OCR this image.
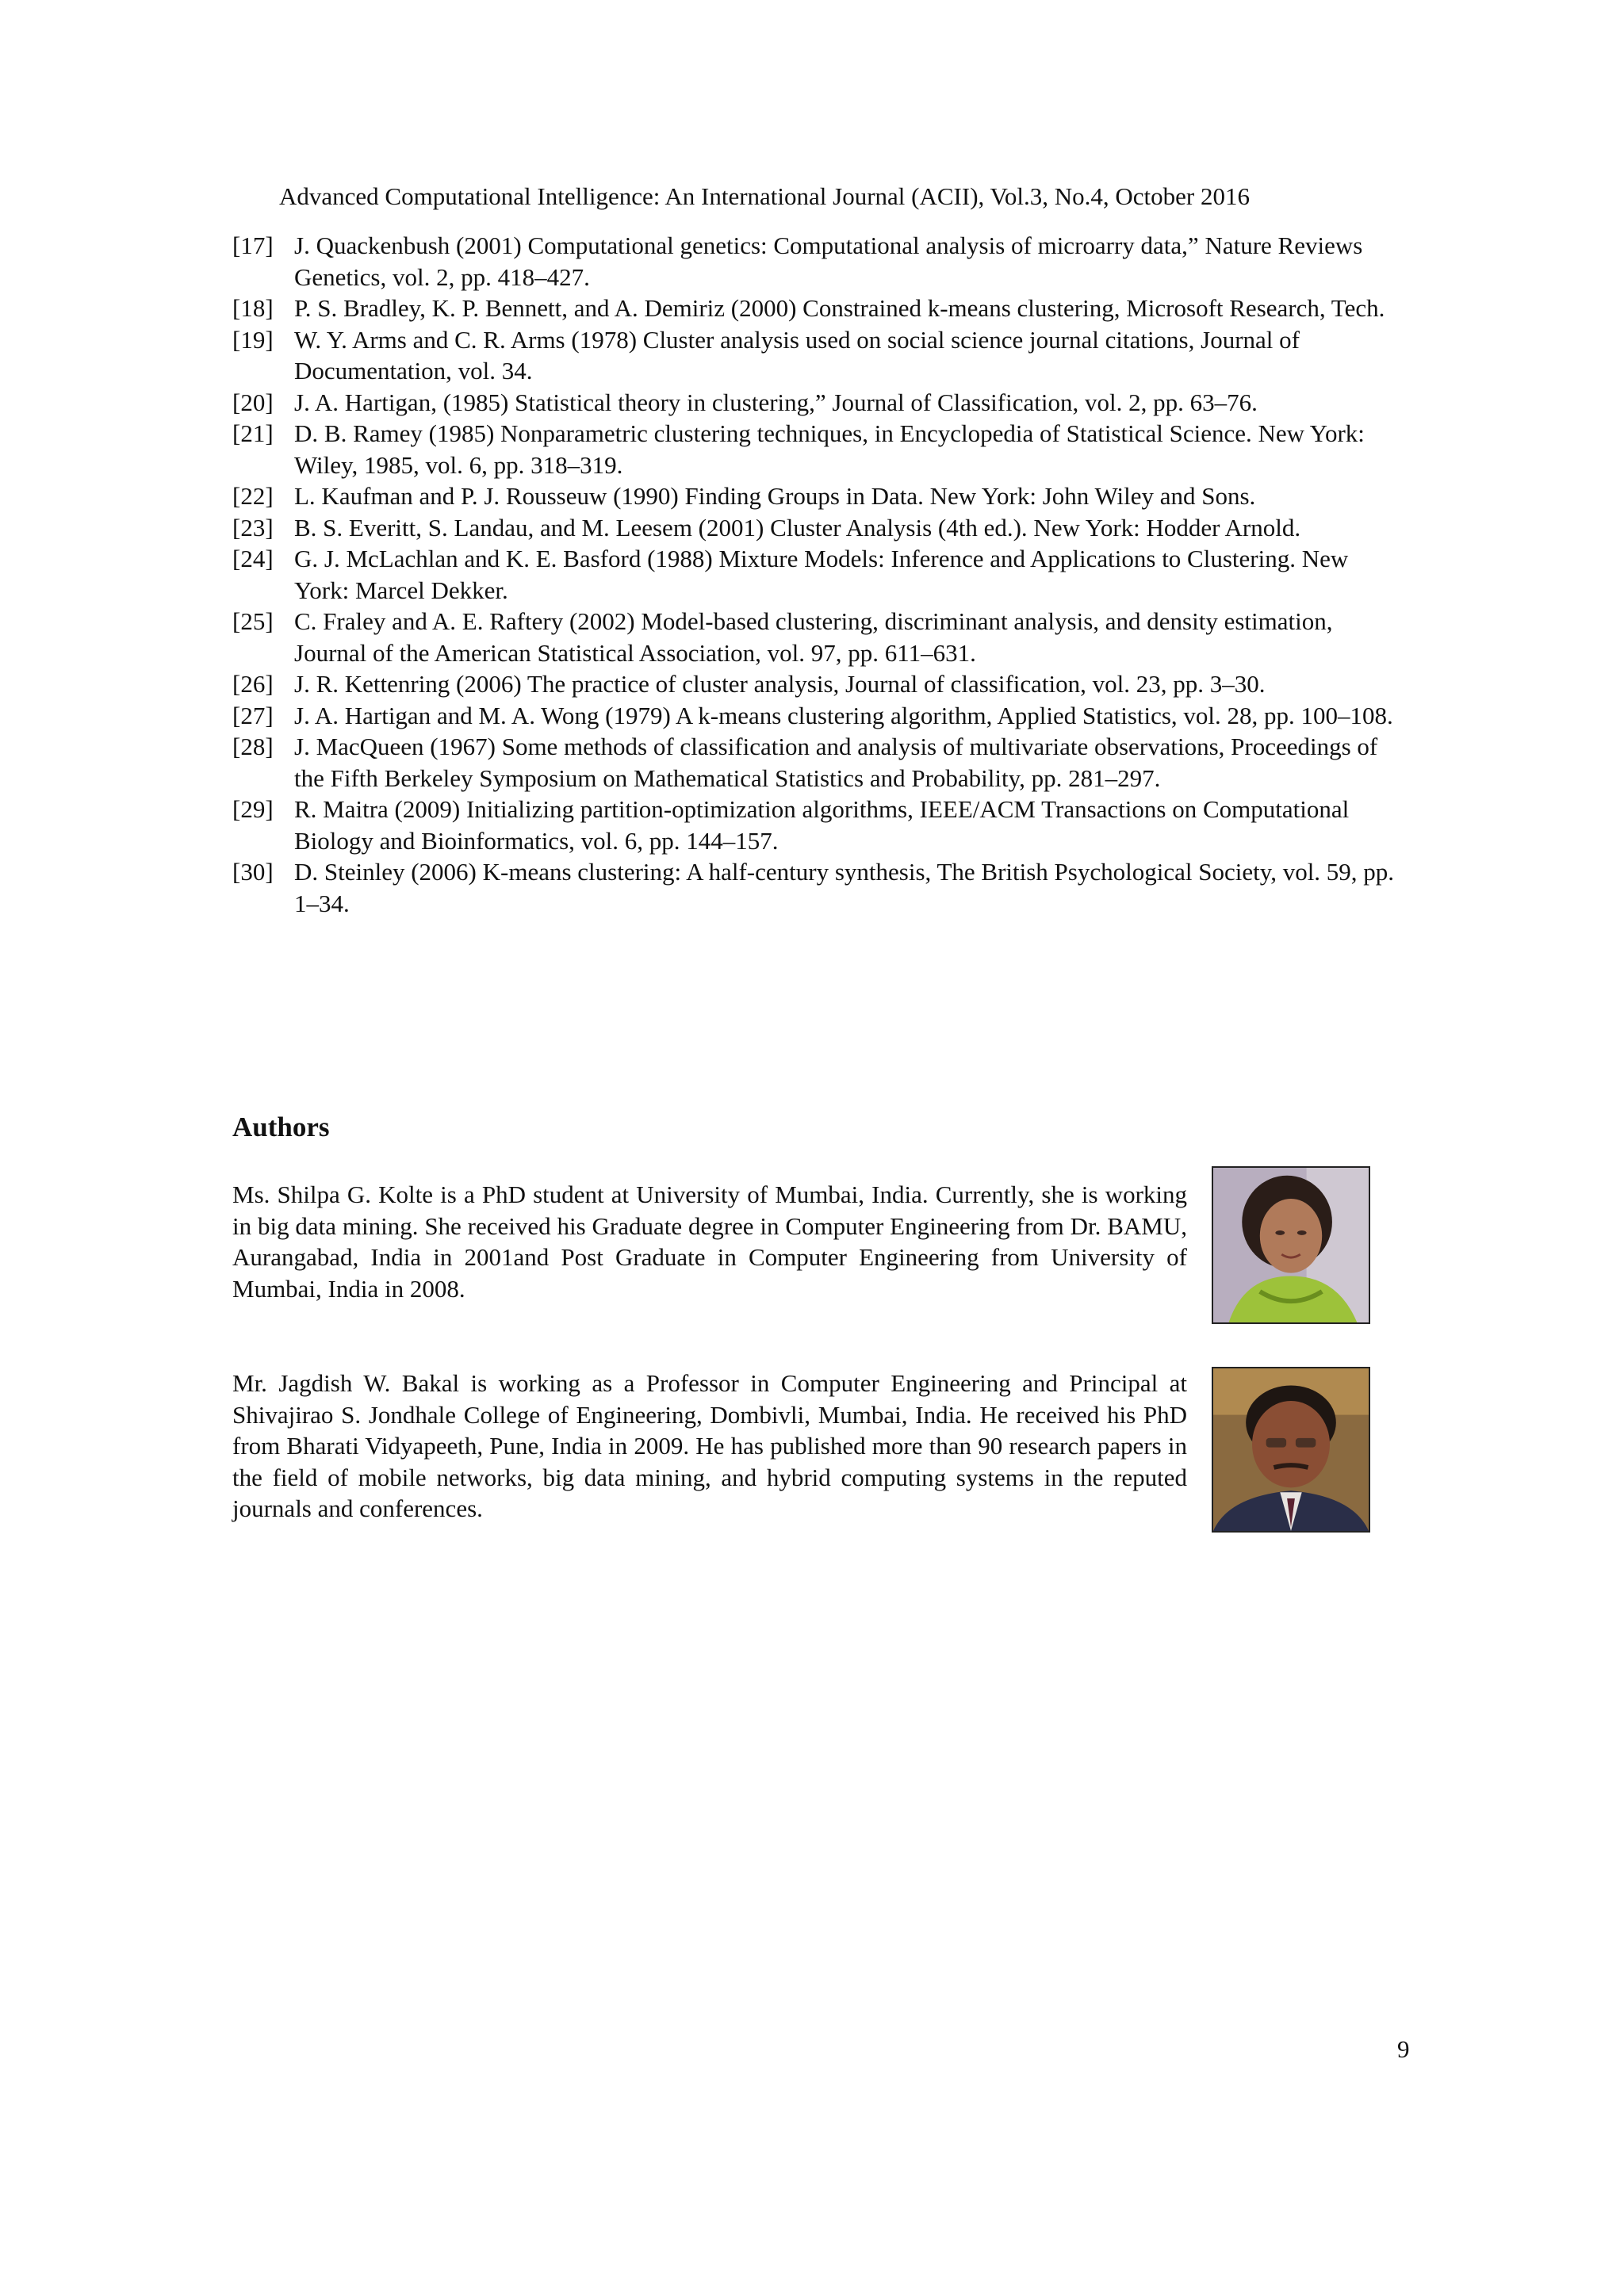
Advanced Computational Intelligence: An International Journal (ACII), Vol.3, No.4, October 2016
[17] J. Quackenbush (2001) Computational genetics: Computational analysis of microarry data,” Nature Reviews Genetics, vol. 2, pp. 418–427.
[18] P. S. Bradley, K. P. Bennett, and A. Demiriz (2000) Constrained k-means clustering, Microsoft Research, Tech.
[19] W. Y. Arms and C. R. Arms (1978) Cluster analysis used on social science journal citations, Journal of Documentation, vol. 34.
[20] J. A. Hartigan, (1985) Statistical theory in clustering,” Journal of Classification, vol. 2, pp. 63–76.
[21] D. B. Ramey (1985) Nonparametric clustering techniques, in Encyclopedia of Statistical Science. New York: Wiley, 1985, vol. 6, pp. 318–319.
[22] L. Kaufman and P. J. Rousseuw (1990) Finding Groups in Data. New York: John Wiley and Sons.
[23] B. S. Everitt, S. Landau, and M. Leesem (2001) Cluster Analysis (4th ed.). New York: Hodder Arnold.
[24] G. J. McLachlan and K. E. Basford (1988) Mixture Models: Inference and Applications to Clustering. New York: Marcel Dekker.
[25] C. Fraley and A. E. Raftery (2002) Model-based clustering, discriminant analysis, and density estimation, Journal of the American Statistical Association, vol. 97, pp. 611–631.
[26] J. R. Kettenring (2006) The practice of cluster analysis, Journal of classification, vol. 23, pp. 3–30.
[27] J. A. Hartigan and M. A. Wong (1979) A k-means clustering algorithm, Applied Statistics, vol. 28, pp. 100–108.
[28] J. MacQueen (1967) Some methods of classification and analysis of multivariate observations, Proceedings of the Fifth Berkeley Symposium on Mathematical Statistics and Probability, pp. 281–297.
[29] R. Maitra (2009) Initializing partition-optimization algorithms, IEEE/ACM Transactions on Computational Biology and Bioinformatics, vol. 6, pp. 144–157.
[30] D. Steinley (2006) K-means clustering: A half-century synthesis, The British Psychological Society, vol. 59, pp. 1–34.
Authors

Ms. Shilpa G. Kolte is a PhD student at University of Mumbai, India. Currently, she is working in big data mining. She received his Graduate degree in Computer Engineering from Dr. BAMU, Aurangabad, India in 2001and Post Graduate in Computer Engineering from University of Mumbai, India in 2008.

Mr. Jagdish W. Bakal is working as a Professor in Computer Engineering and Principal at Shivajirao S. Jondhale College of Engineering, Dombivli, Mumbai, India. He received his PhD from Bharati Vidyapeeth, Pune, India in 2009. He has published more than 90 research papers in the field of mobile networks, big data mining, and hybrid computing systems in the reputed journals and conferences.

9
